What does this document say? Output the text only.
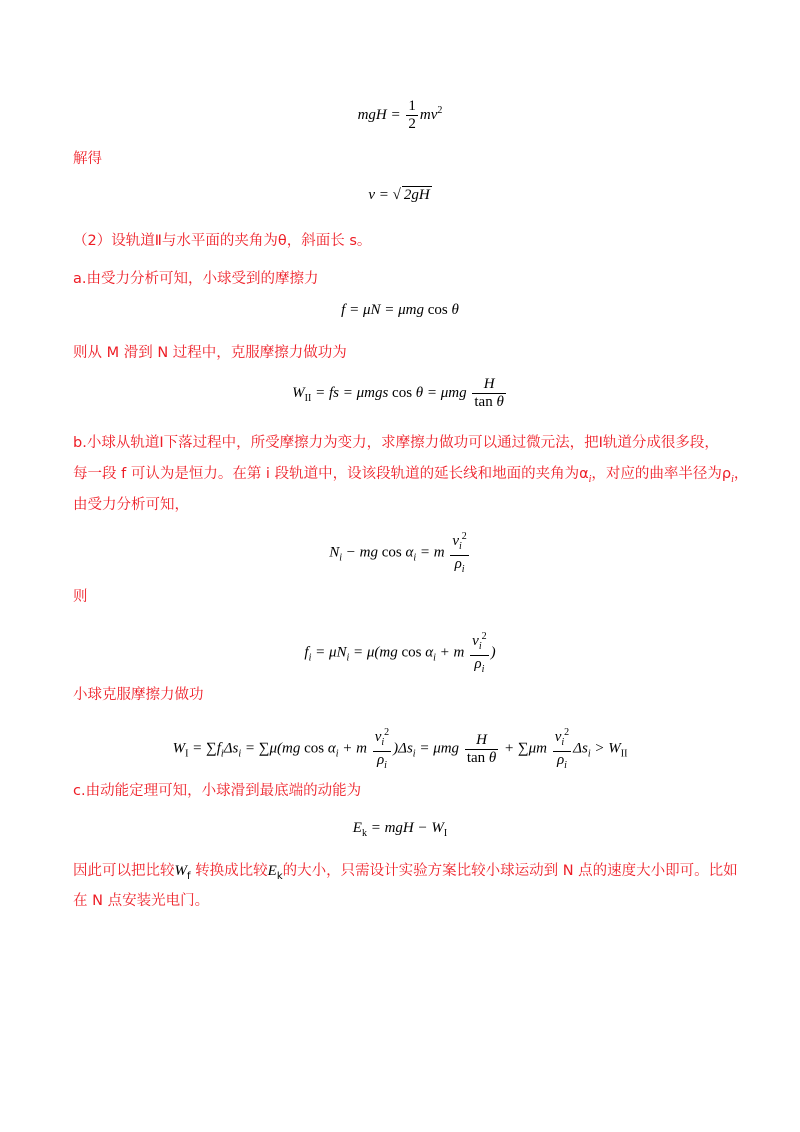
mgH = $\frac{1}{2} mv^2$
解得
v = √ 2gH
（2）设轨道Ⅱ与水平面的夹角为θ，斜面长 s。
a.由受力分析可知，小球受到的摩擦力
f = μN = μmg cos θ
则从 M 滑到 N 过程中，克服摩擦力做功为
$W_{II}$ = fs = μmgs cos θ = μmg $\frac{H}{\text{tan θ}}$
b.小球从轨道Ⅰ下落过程中，所受摩擦力为变力，求摩擦力做功可以通过微元法，把Ⅰ轨道分成很多段，
每一段 f 可认为是恒力。在第 i 段轨道中，设该段轨道的延长线和地面的夹角为$\alpha_i$，对应的曲率半径为$\rho_i$，
由受力分析可知，
$N_i$ − mg $\cos \alpha_i = m \frac{v_i^2}{\rho_i}$
则
$f_i = \mu N_i = \mu(mg$ $\cos \alpha_i + m \frac{v_i^2}{\rho_i}$ )
小球克服摩擦力做功
$W_I = \sum f_i\Delta s_i = \sum\mu(mg$ $\cos \alpha_i + m \frac{v_i^2}{\rho_i} )\Delta s_i = \mu mg \frac{H}{\text{tan θ}} + \sum\mu m \frac{v_i^2}{\rho_i} \Delta s_i > W_{II}$
c.由动能定理可知，小球滑到最底端的动能为
$E_k$ = mgH − $W_I$
因此可以把比较$W_f$ 转换成比较$E_k$的大小，只需设计实验方案比较小球运动到 N 点的速度大小即可。比如
在 N 点安装光电门。
